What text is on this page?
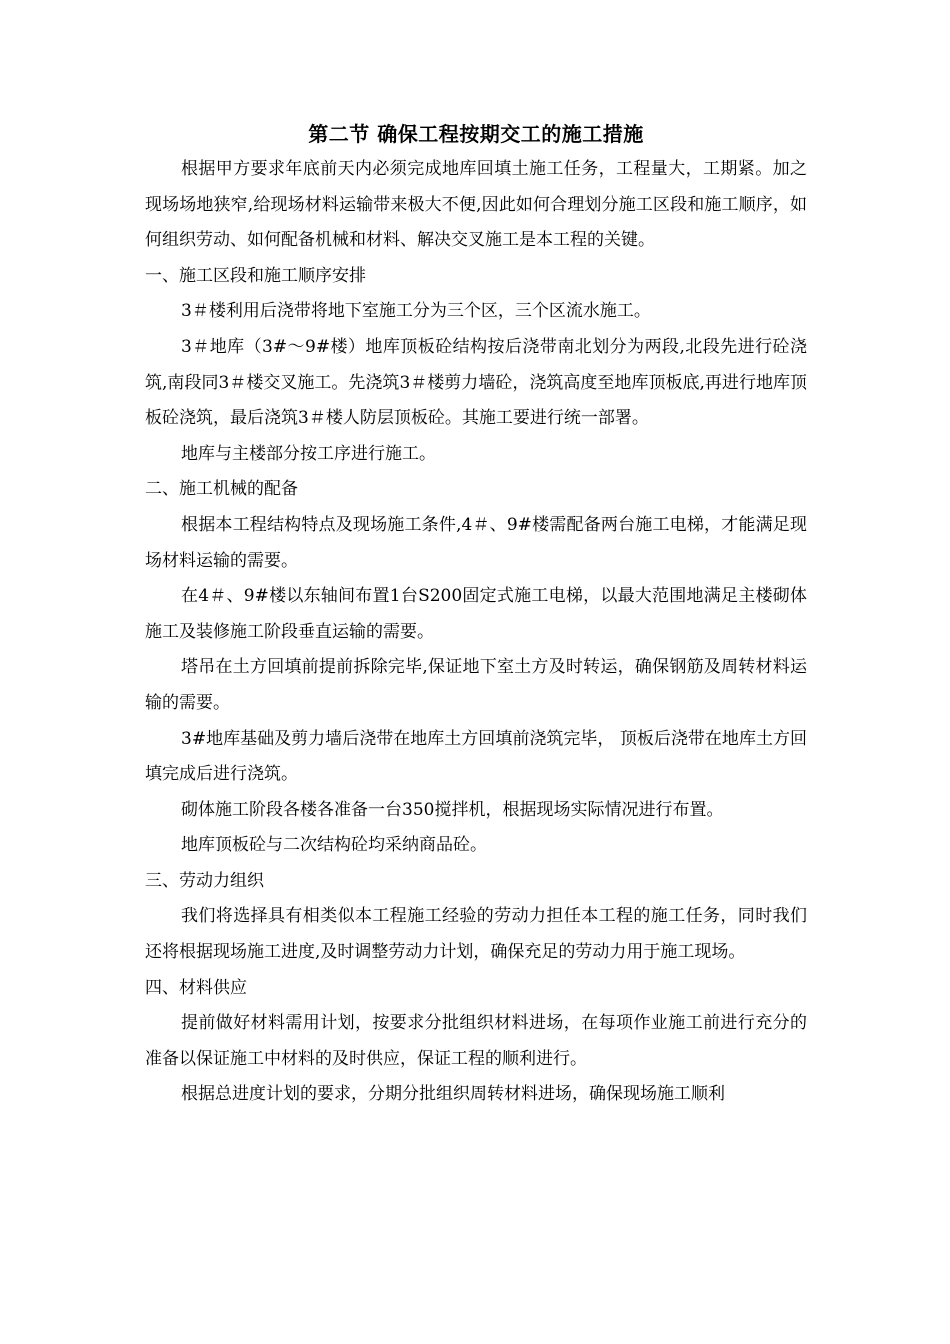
第二节 确保工程按期交工的施工措施

根据甲方要求年底前天内必须完成地库回填土施工任务，工程量大，工期紧。加之现场场地狭窄,给现场材料运输带来极大不便,因此如何合理划分施工区段和施工顺序，如何组织劳动、如何配备机械和材料、解决交叉施工是本工程的关键。

一、施工区段和施工顺序安排

3＃楼利用后浇带将地下室施工分为三个区，三个区流水施工。

3＃地库（3#～9#楼）地库顶板砼结构按后浇带南北划分为两段,北段先进行砼浇筑,南段同3＃楼交叉施工。先浇筑3＃楼剪力墙砼，浇筑高度至地库顶板底,再进行地库顶板砼浇筑，最后浇筑3＃楼人防层顶板砼。其施工要进行统一部署。

地库与主楼部分按工序进行施工。

二、施工机械的配备

根据本工程结构特点及现场施工条件,4＃、9#楼需配备两台施工电梯，才能满足现场材料运输的需要。

在4＃、9#楼以东轴间布置1台S200固定式施工电梯，以最大范围地满足主楼砌体施工及装修施工阶段垂直运输的需要。

塔吊在土方回填前提前拆除完毕,保证地下室土方及时转运，确保钢筋及周转材料运输的需要。

3#地库基础及剪力墙后浇带在地库土方回填前浇筑完毕， 顶板后浇带在地库土方回填完成后进行浇筑。

砌体施工阶段各楼各准备一台350搅拌机，根据现场实际情况进行布置。

地库顶板砼与二次结构砼均采纳商品砼。

三、劳动力组织

我们将选择具有相类似本工程施工经验的劳动力担任本工程的施工任务，同时我们还将根据现场施工进度,及时调整劳动力计划，确保充足的劳动力用于施工现场。

四、材料供应

提前做好材料需用计划，按要求分批组织材料进场，在每项作业施工前进行充分的准备以保证施工中材料的及时供应，保证工程的顺利进行。

根据总进度计划的要求，分期分批组织周转材料进场，确保现场施工顺利
